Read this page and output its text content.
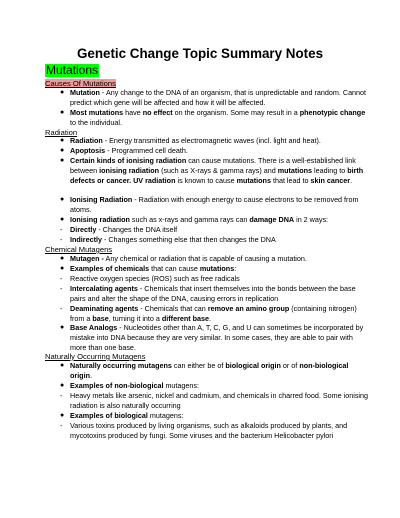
Genetic Change Topic Summary Notes
Mutations
Causes Of Mutations
● Mutation - Any change to the DNA of an organism, that is unpredictable and random. Cannot predict which gene will be affected and how it will be affected.
● Most mutations have no effect on the organism. Some may result in a phenotypic change to the individual.
Radiation
● Radiation - Energy transmitted as electromagnetic waves (incl. light and heat).
● Apoptosis - Programmed cell death.
● Certain kinds of ionising radiation can cause mutations. There is a well-established link between ionising radiation (such as X-rays & gamma rays) and mutations leading to birth defects or cancer. UV radiation is known to cause mutations that lead to skin cancer.
● Ionising Radiation - Radiation with enough energy to cause electrons to be removed from atoms.
● Ionising radiation such as x-rays and gamma rays can damage DNA in 2 ways:
- Directly - Changes the DNA itself
- Indirectly - Changes something else that then changes the DNA
Chemical Mutagens
● Mutagen - Any chemical or radiation that is capable of causing a mutation.
● Examples of chemicals that can cause mutations:
- Reactive oxygen species (ROS) such as free radicals
- Intercalating agents - Chemicals that insert themselves into the bonds between the base pairs and alter the shape of the DNA, causing errors in replication
- Deaminating agents - Chemicals that can remove an amino group (containing nitrogen) from a base, turning it into a different base.
● Base Analogs - Nucleotides other than A, T, C, G, and U can sometimes be incorporated by mistake into DNA because they are very similar. In some cases, they are able to pair with more than one base.
Naturally Occurring Mutagens
● Naturally occurring mutagens can either be of biological origin or of non-biological origin.
● Examples of non-biological mutagens:
- Heavy metals like arsenic, nickel and cadmium, and chemicals in charred food. Some ionising radiation is also naturally occurring
● Examples of biological mutagens:
- Various toxins produced by living organisms, such as alkaloids produced by plants, and mycotoxins produced by fungi. Some viruses and the bacterium Helicobacter pylori
